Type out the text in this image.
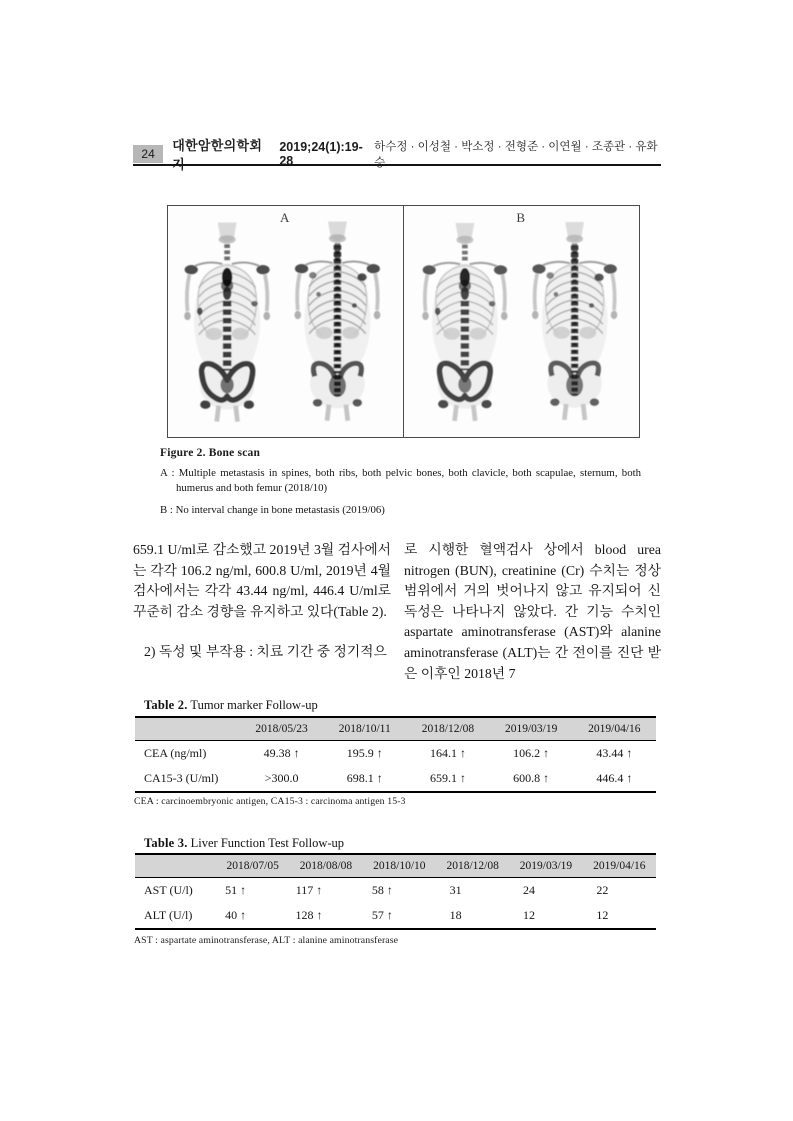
24
대한암한의학회지
2019;24(1):19-28
하수정 · 이성철 · 박소정 · 전형준 · 이연월 · 조종관 · 유화승
A	B
Figure 2. Bone scan
A : Multiple metastasis in spines, both ribs, both pelvic bones, both clavicle, both scapulae, sternum, both humerus and both femur (2018/10)
B : No interval change in bone metastasis (2019/06)

659.1 U/ml로 감소했고 2019년 3월 검사에서는 각각 106.2 ng/ml, 600.8 U/ml, 2019년 4월 검사에서는 각각 43.44 ng/ml, 446.4 U/ml로 꾸준히 감소 경향을 유지하고 있다(Table 2).

2) 독성 및 부작용 : 치료 기간 중 정기적으

로 시행한 혈액검사 상에서 blood urea nitrogen (BUN), creatinine (Cr) 수치는 정상범위에서 거의 벗어나지 않고 유지되어 신독성은 나타나지 않았다. 간 기능 수치인 aspartate aminotransferase (AST)와 alanine aminotransferase (ALT)는 간 전이를 진단 받은 이후인 2018년 7

Table 2. Tumor marker Follow-up
	2018/05/23	2018/10/11	2018/12/08	2019/03/19	2019/04/16
CEA (ng/ml)	49.38 ↑	195.9 ↑	164.1 ↑	106.2 ↑	43.44 ↑
CA15-3 (U/ml)	>300.0	698.1 ↑	659.1 ↑	600.8 ↑	446.4 ↑
CEA : carcinoembryonic antigen, CA15-3 : carcinoma antigen 15-3
Table 3. Liver Function Test Follow-up
	2018/07/05	2018/08/08	2018/10/10	2018/12/08	2019/03/19	2019/04/16
AST (U/l)	51 ↑	117 ↑	58 ↑	31	24	22
ALT (U/l)	40 ↑	128 ↑	57 ↑	18	12	12
AST : aspartate aminotransferase, ALT : alanine aminotransferase
